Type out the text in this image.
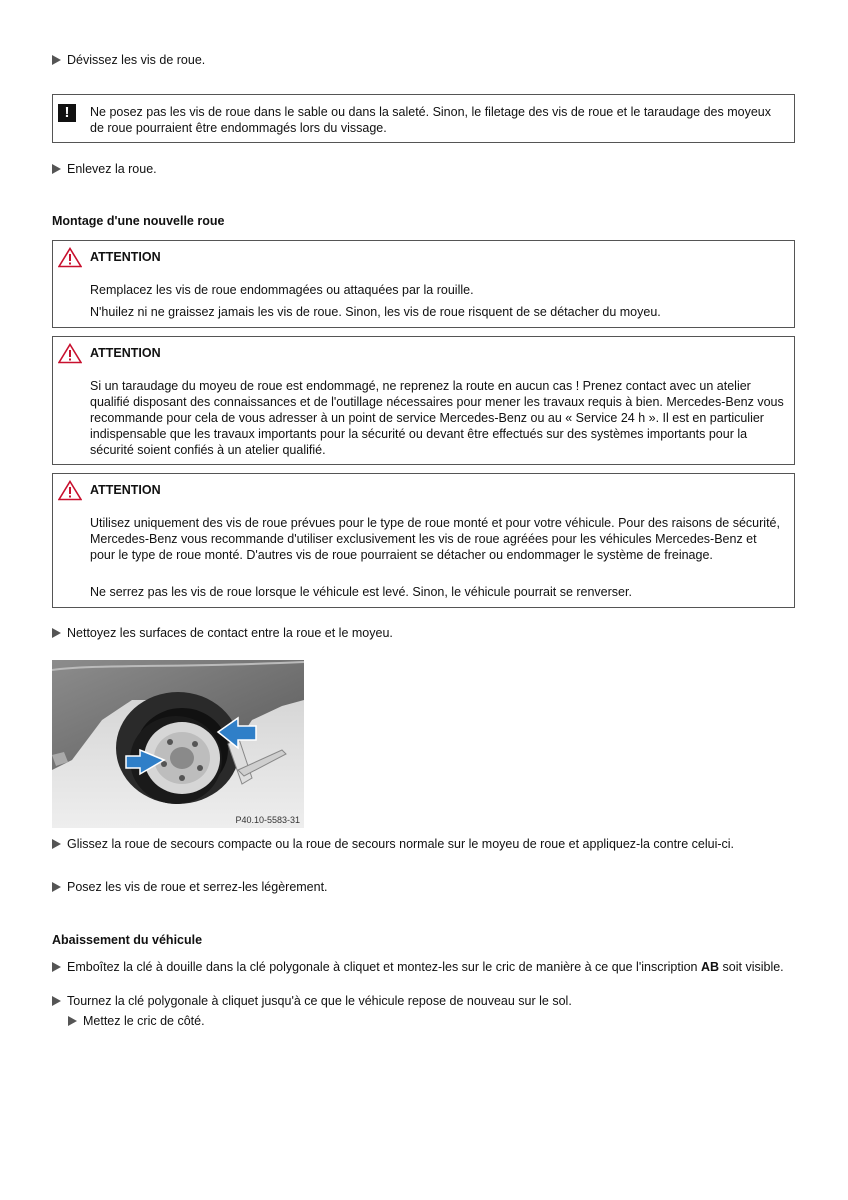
Dévissez les vis de roue.
!	Ne posez pas les vis de roue dans le sable ou dans la saleté. Sinon, le filetage des vis de roue et le taraudage des moyeux de roue pourraient être endommagés lors du vissage.
Enlevez la roue.
Montage d'une nouvelle roue
ATTENTION
Remplacez les vis de roue endommagées ou attaquées par la rouille.
N'huilez ni ne graissez jamais les vis de roue. Sinon, les vis de roue risquent de se détacher du moyeu.
ATTENTION
Si un taraudage du moyeu de roue est endommagé, ne reprenez la route en aucun cas ! Prenez contact avec un atelier qualifié disposant des connaissances et de l'outillage nécessaires pour mener les travaux requis à bien. Mercedes-Benz vous recommande pour cela de vous adresser à un point de service Mercedes-Benz ou au « Service 24 h ». Il est en particulier indispensable que les travaux importants pour la sécurité ou devant être effectués sur des systèmes importants pour la sécurité soient confiés à un atelier qualifié.
ATTENTION
Utilisez uniquement des vis de roue prévues pour le type de roue monté et pour votre véhicule. Pour des raisons de sécurité, Mercedes-Benz vous recommande d'utiliser exclusivement les vis de roue agréées pour les véhicules Mercedes-Benz et pour le type de roue monté. D'autres vis de roue pourraient se détacher ou endommager le système de freinage.
Ne serrez pas les vis de roue lorsque le véhicule est levé. Sinon, le véhicule pourrait se renverser.
Nettoyez les surfaces de contact entre la roue et le moyeu.
P40.10-5583-31
Glissez la roue de secours compacte ou la roue de secours normale sur le moyeu de roue et appliquez-la contre celui-ci.
Posez les vis de roue et serrez-les légèrement.
Abaissement du véhicule
Emboîtez la clé à douille dans la clé polygonale à cliquet et montez-les sur le cric de manière à ce que l'inscription AB soit visible.
Tournez la clé polygonale à cliquet jusqu'à ce que le véhicule repose de nouveau sur le sol.
Mettez le cric de côté.
